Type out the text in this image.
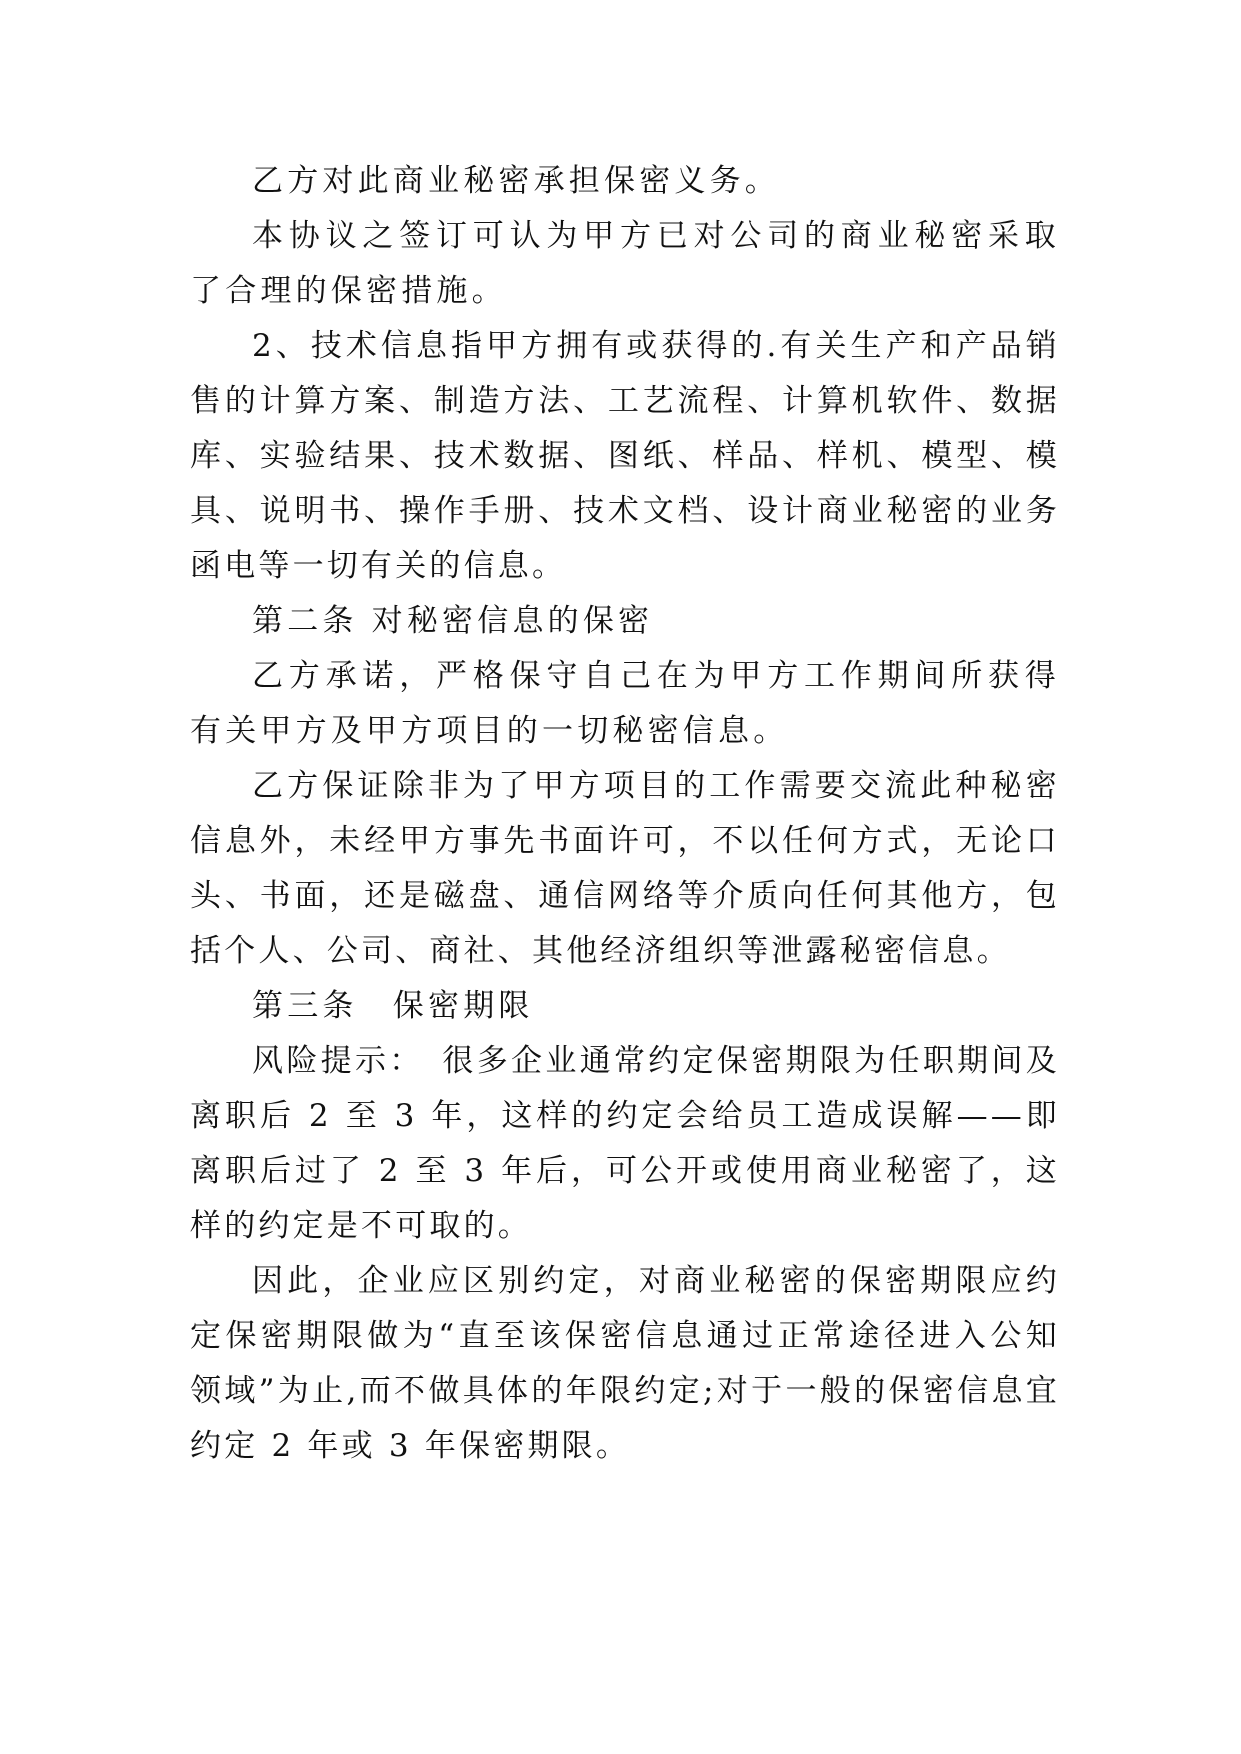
乙方对此商业秘密承担保密义务。

本协议之签订可认为甲方已对公司的商业秘密采取了合理的保密措施。

2、技术信息指甲方拥有或获得的.有关生产和产品销售的计算方案、制造方法、工艺流程、计算机软件、数据库、实验结果、技术数据、图纸、样品、样机、模型、模具、说明书、操作手册、技术文档、设计商业秘密的业务函电等一切有关的信息。

第二条 对秘密信息的保密

乙方承诺，严格保守自己在为甲方工作期间所获得有关甲方及甲方项目的一切秘密信息。

乙方保证除非为了甲方项目的工作需要交流此种秘密信息外，未经甲方事先书面许可，不以任何方式，无论口头、书面，还是磁盘、通信网络等介质向任何其他方，包括个人、公司、商社、其他经济组织等泄露秘密信息。

第三条　保密期限

风险提示：　很多企业通常约定保密期限为任职期间及离职后 2 至 3 年，这样的约定会给员工造成误解——即离职后过了 2 至 3 年后，可公开或使用商业秘密了，这样的约定是不可取的。

因此，企业应区别约定，对商业秘密的保密期限应约定保密期限做为“直至该保密信息通过正常途径进入公知领域”为止,而不做具体的年限约定;对于一般的保密信息宜约定 2 年或 3 年保密期限。
